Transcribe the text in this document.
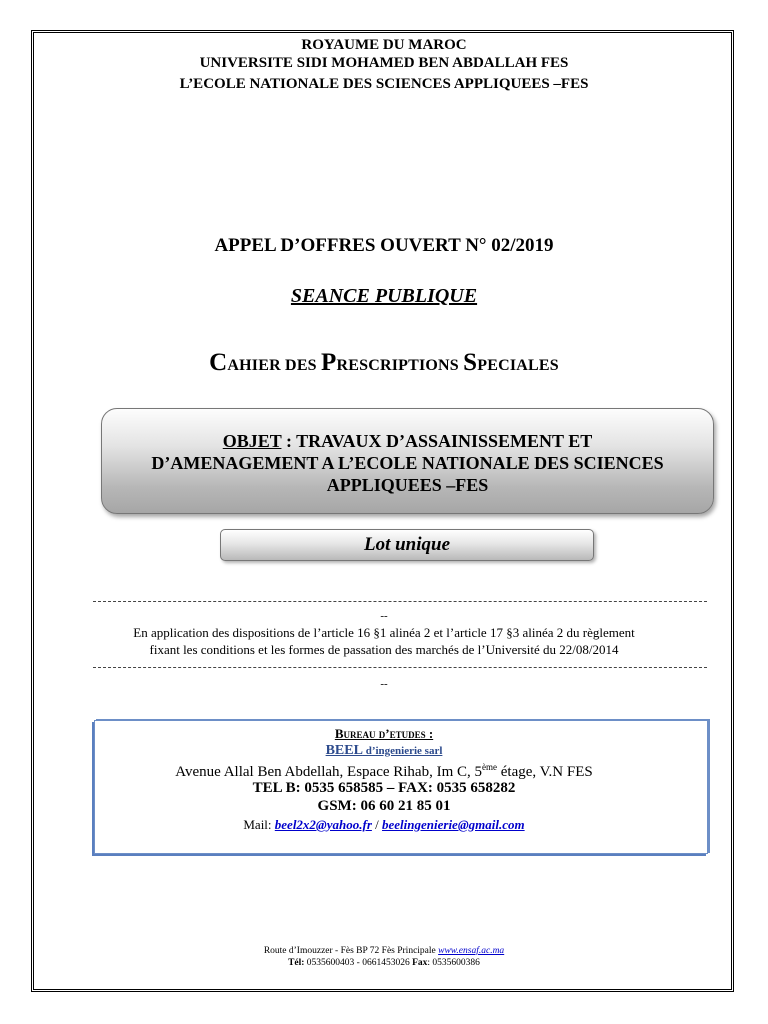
ROYAUME DU MAROC
UNIVERSITE SIDI MOHAMED BEN ABDALLAH FES
L’ECOLE NATIONALE DES SCIENCES APPLIQUEES –FES
APPEL D’OFFRES OUVERT N° 02/2019
SEANCE PUBLIQUE
CAHIER DES PRESCRIPTIONS SPECIALES
OBJET : TRAVAUX D’ASSAINISSEMENT ET
D’AMENAGEMENT A L’ECOLE NATIONALE DES SCIENCES
APPLIQUEES –FES
Lot unique
--
En application des dispositions de l’article 16 §1 alinéa 2 et l’article 17 §3 alinéa 2 du règlement
fixant les conditions et les formes de passation des marchés de l’Université du 22/08/2014
--
Bureau d’etudes :
BEEL d’ingenierie sarl
Avenue Allal Ben Abdellah, Espace Rihab, Im C, 5ème étage, V.N FES
TEL B: 0535 658585 – FAX: 0535 658282
GSM: 06 60 21 85 01
Mail: beel2x2@yahoo.fr / beelingenierie@gmail.com
Route d’Imouzzer - Fès BP 72 Fès Principale www.ensaf.ac.ma
Tél: 0535600403 - 0661453026 Fax: 0535600386
